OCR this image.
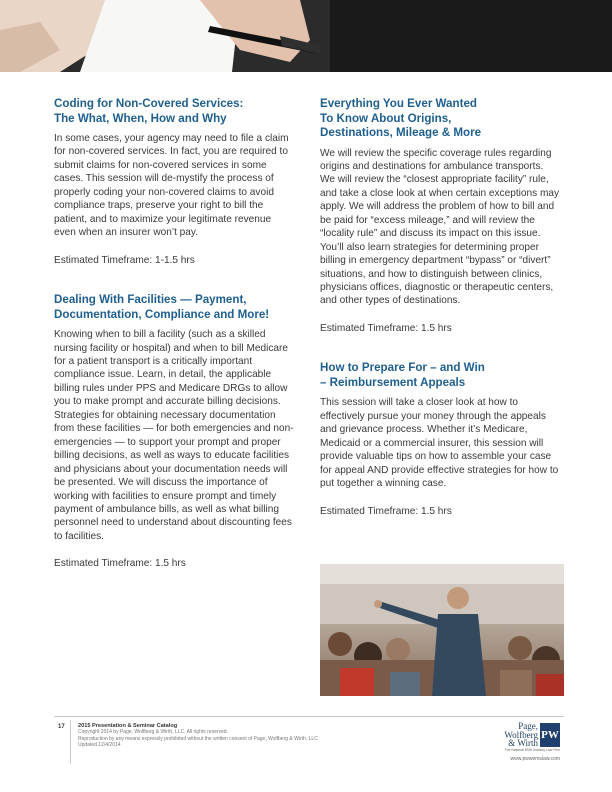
Coding for Non-Covered Services:
The What, When, How and Why

In some cases, your agency may need to file a claim for non-covered services. In fact, you are required to submit claims for non-covered services in some cases. This session will de-mystify the process of properly coding your non-covered claims to avoid compliance traps, preserve your right to bill the patient, and to maximize your legitimate revenue even when an insurer won’t pay.

Estimated Timeframe: 1-1.5 hrs

Dealing With Facilities — Payment,
Documentation, Compliance and More!

Knowing when to bill a facility (such as a skilled nursing facility or hospital) and when to bill Medicare for a patient transport is a critically important compliance issue. Learn, in detail, the applicable billing rules under PPS and Medicare DRGs to allow you to make prompt and accurate billing decisions. Strategies for obtaining necessary documentation from these facilities — for both emergencies and non-emergencies — to support your prompt and proper billing decisions, as well as ways to educate facilities and physicians about your documentation needs will be presented. We will discuss the importance of working with facilities to ensure prompt and timely payment of ambulance bills, as well as what billing personnel need to understand about discounting fees to facilities.

Estimated Timeframe: 1.5 hrs

Everything You Ever Wanted
To Know About Origins,
Destinations, Mileage & More

We will review the specific coverage rules regarding origins and destinations for ambulance transports. We will review the “closest appropriate facility” rule, and take a close look at when certain exceptions may apply. We will address the problem of how to bill and be paid for “excess mileage,” and will review the “locality rule” and discuss its impact on this issue. You’ll also learn strategies for determining proper billing in emergency department “bypass” or “divert” situations, and how to distinguish between clinics, physicians offices, diagnostic or therapeutic centers, and other types of destinations.

Estimated Timeframe: 1.5 hrs

How to Prepare For – and Win
– Reimbursement Appeals

This session will take a closer look at how to effectively pursue your money through the appeals and grievance process. Whether it’s Medicare, Medicaid or a commercial insurer, this session will provide valuable tips on how to assemble your case for appeal AND provide effective strategies for how to put together a winning case.

Estimated Timeframe: 1.5 hrs

17 2015 Presentation & Seminar Catalog
Copyright 2014 by Page, Wolfberg & Wirth, LLC. All rights reserved.
Reproduction by any means expressly prohibited without the written consent of Page, Wolfberg & Wirth, LLC
Updated 12/4/2014
Page,
Wolfberg
& Wirth
PW
The National EMS Industry Law Firm
www.pwwemslaw.com
